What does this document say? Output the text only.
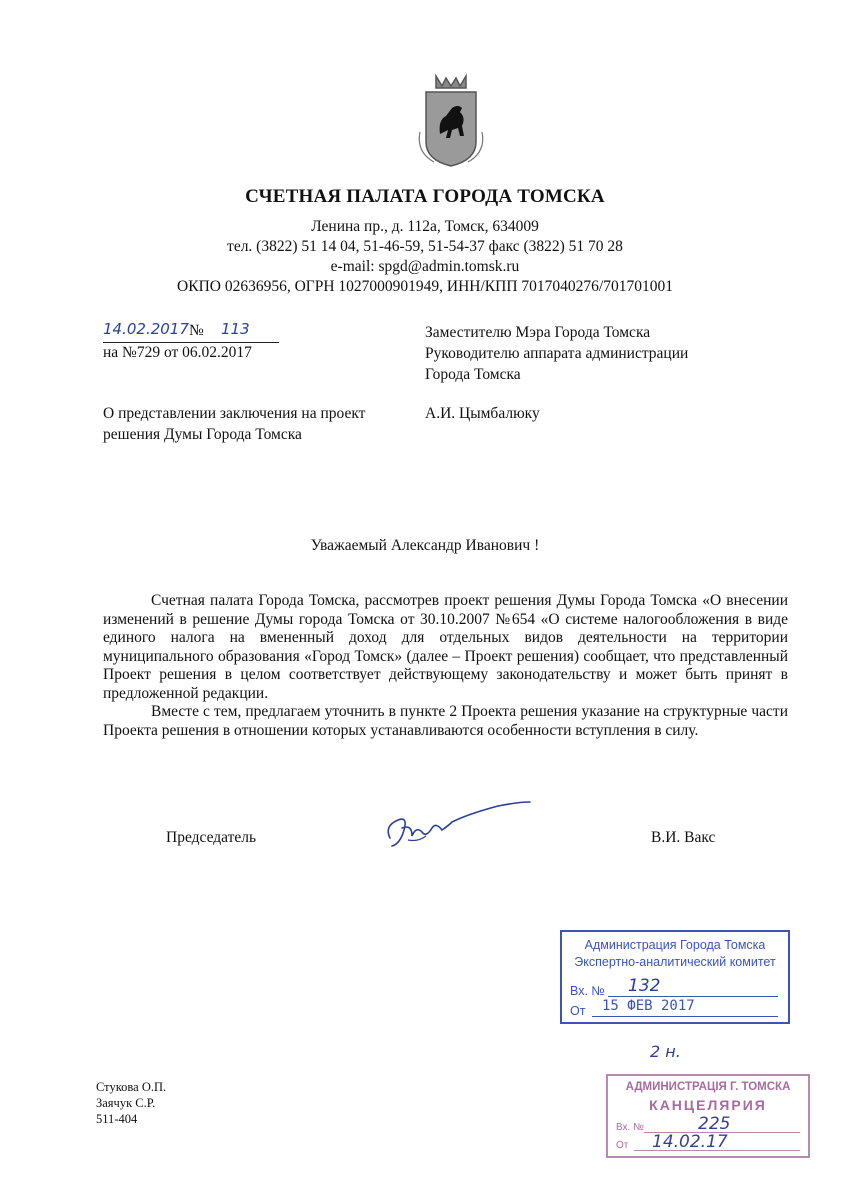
СЧЕТНАЯ ПАЛАТА ГОРОДА ТОМСКА
Ленина пр., д. 112а, Томск, 634009
тел. (3822) 51 14 04, 51-46-59, 51-54-37 факс (3822) 51 70 28
e-mail: spgd@admin.tomsk.ru
ОКПО 02636956, ОГРН 1027000901949, ИНН/КПП 7017040276/701701001
14.02.2017 № 113
на №729 от 06.02.2017
Заместителю Мэра Города Томска
Руководителю аппарата администрации
Города Томска
А.И. Цымбалюку
О представлении заключения на проект
решения Думы Города Томска
Уважаемый Александр Иванович !

Счетная палата Города Томска, рассмотрев проект решения Думы Города Томска «О внесении изменений в решение Думы города Томска от 30.10.2007 №654 «О системе налогообложения в виде единого налога на вмененный доход для отдельных видов деятельности на территории муниципального образования «Город Томск» (далее – Проект решения) сообщает, что представленный Проект решения в целом соответствует действующему законодательству и может быть принят в предложенной редакции.

Вместе с тем, предлагаем уточнить в пункте 2 Проекта решения указание на структурные части Проекта решения в отношении которых устанавливаются особенности вступления в силу.

Председатель	В.И. Вакс
Администрация Города Томска
Экспертно-аналитический комитет
Вх. № 132
От 15 ФЕВ 2017
2 н.
АДМИНИСТРАЦІЯ Г. ТОМСКА
КАНЦЕЛЯРИЯ
Вх. №	225
От 14.02.17
Стукова О.П.
Заячук С.Р.
511-404
